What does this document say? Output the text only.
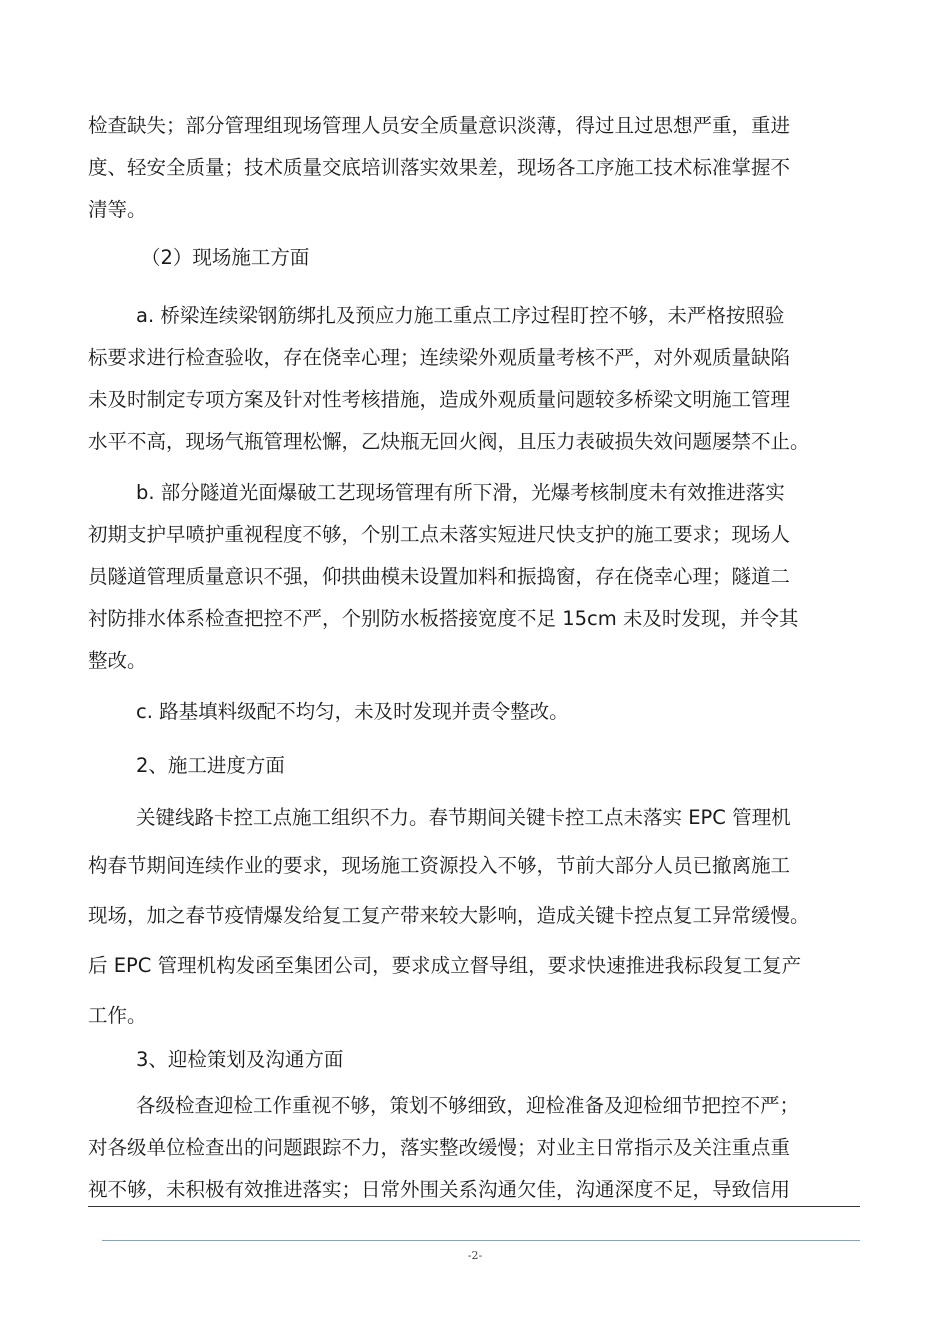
检查缺失；部分管理组现场管理人员安全质量意识淡薄，得过且过思想严重，重进
度、轻安全质量；技术质量交底培训落实效果差，现场各工序施工技术标准掌握不
清等。
（2）现场施工方面
a. 桥梁连续梁钢筋绑扎及预应力施工重点工序过程盯控不够，未严格按照验
标要求进行检查验收，存在侥幸心理；连续梁外观质量考核不严，对外观质量缺陷
未及时制定专项方案及针对性考核措施，造成外观质量问题较多桥梁文明施工管理
水平不高，现场气瓶管理松懈，乙炔瓶无回火阀，且压力表破损失效问题屡禁不止。
b. 部分隧道光面爆破工艺现场管理有所下滑，光爆考核制度未有效推进落实
初期支护早喷护重视程度不够，个别工点未落实短进尺快支护的施工要求；现场人
员隧道管理质量意识不强，仰拱曲模未设置加料和振捣窗，存在侥幸心理；隧道二
衬防排水体系检查把控不严，个别防水板搭接宽度不足 15cm 未及时发现，并令其
整改。
c. 路基填料级配不均匀，未及时发现并责令整改。
2、施工进度方面
关键线路卡控工点施工组织不力。春节期间关键卡控工点未落实 EPC 管理机
构春节期间连续作业的要求，现场施工资源投入不够，节前大部分人员已撤离施工
现场，加之春节疫情爆发给复工复产带来较大影响，造成关键卡控点复工异常缓慢。
后 EPC 管理机构发函至集团公司，要求成立督导组，要求快速推进我标段复工复产
工作。
3、迎检策划及沟通方面
各级检查迎检工作重视不够，策划不够细致，迎检准备及迎检细节把控不严；
对各级单位检查出的问题跟踪不力，落实整改缓慢；对业主日常指示及关注重点重
视不够，未积极有效推进落实；日常外围关系沟通欠佳，沟通深度不足，导致信用
-2-
